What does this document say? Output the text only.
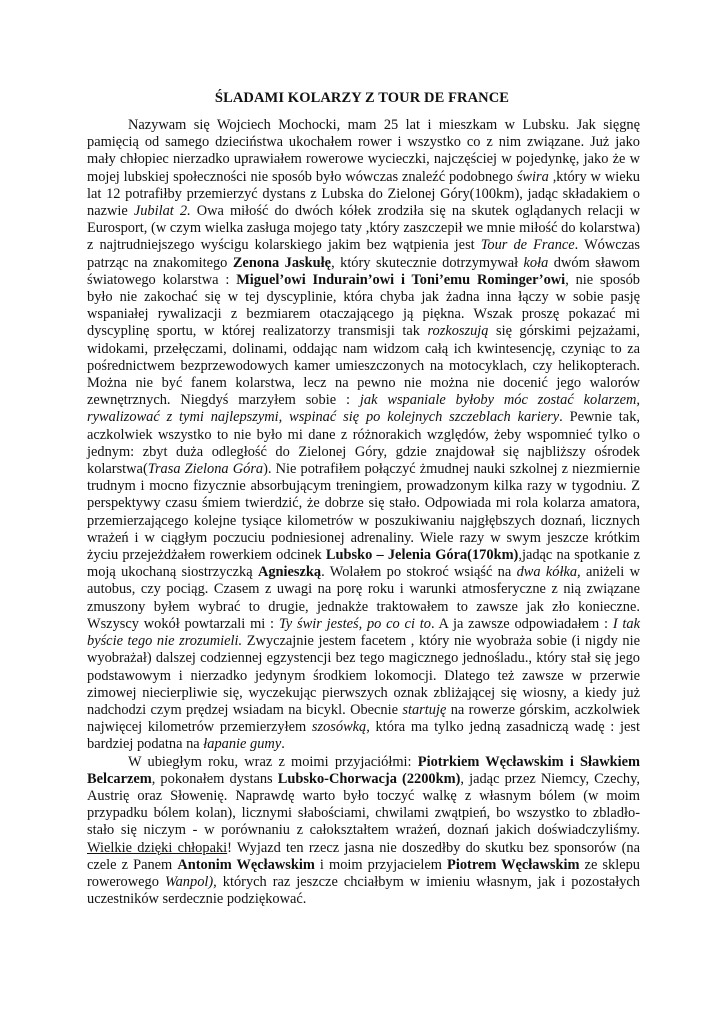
ŚLADAMI KOLARZY Z TOUR DE FRANCE

Nazywam się Wojciech Mochocki, mam 25 lat i mieszkam w Lubsku. Jak sięgnę pamięcią od samego dzieciństwa ukochałem rower i wszystko co z nim związane. Już jako mały chłopiec nierzadko uprawiałem rowerowe wycieczki, najczęściej w pojedynkę, jako że w mojej lubskiej społeczności nie sposób było wówczas znaleźć podobnego świra ,który w wieku lat 12 potrafiłby przemierzyć dystans z Lubska do Zielonej Góry(100km), jadąc składakiem o nazwie Jubilat 2. Owa miłość do dwóch kółek zrodziła się na skutek oglądanych relacji w Eurosport, (w czym wielka zasługa mojego taty ,który zaszczepił we mnie miłość do kolarstwa) z najtrudniejszego wyścigu kolarskiego jakim bez wątpienia jest Tour de France. Wówczas patrząc na znakomitego Zenona Jaskułę, który skutecznie dotrzymywał koła dwóm sławom światowego kolarstwa : Miguel’owi Indurain’owi i Toni’emu Rominger’owi, nie sposób było nie zakochać się w tej dyscyplinie, która chyba jak żadna inna łączy w sobie pasję wspaniałej rywalizacji z bezmiarem otaczającego ją piękna. Wszak proszę pokazać mi dyscyplinę sportu, w której realizatorzy transmisji tak rozkoszują się górskimi pejzażami, widokami, przełęczami, dolinami, oddając nam widzom całą ich kwintesencję, czyniąc to za pośrednictwem bezprzewodowych kamer umieszczonych na motocyklach, czy helikopterach. Można nie być fanem kolarstwa, lecz na pewno nie można nie docenić jego walorów zewnętrznych. Niegdyś marzyłem sobie : jak wspaniale byłoby móc zostać kolarzem, rywalizować z tymi najlepszymi, wspinać się po kolejnych szczeblach kariery. Pewnie tak, aczkolwiek wszystko to nie było mi dane z różnorakich względów, żeby wspomnieć tylko o jednym: zbyt duża odległość do Zielonej Góry, gdzie znajdował się najbliższy ośrodek kolarstwa(Trasa Zielona Góra). Nie potrafiłem połączyć żmudnej nauki szkolnej z niezmiernie trudnym i mocno fizycznie absorbującym treningiem, prowadzonym kilka razy w tygodniu. Z perspektywy czasu śmiem twierdzić, że dobrze się stało. Odpowiada mi rola kolarza amatora, przemierzającego kolejne tysiące kilometrów w poszukiwaniu najgłębszych doznań, licznych wrażeń i w ciągłym poczuciu podniesionej adrenaliny. Wiele razy w swym jeszcze krótkim życiu przejeżdżałem rowerkiem odcinek Lubsko – Jelenia Góra(170km),jadąc na spotkanie z moją ukochaną siostrzyczką Agnieszką. Wolałem po stokroć wsiąść na dwa kółka, aniżeli w autobus, czy pociąg. Czasem z uwagi na porę roku i warunki atmosferyczne z nią związane zmuszony byłem wybrać to drugie, jednakże traktowałem to zawsze jak zło konieczne. Wszyscy wokół powtarzali mi : Ty świr jesteś, po co ci to. A ja zawsze odpowiadałem : I tak byście tego nie zrozumieli. Zwyczajnie jestem facetem , który nie wyobraża sobie (i nigdy nie wyobrażał) dalszej codziennej egzystencji bez tego magicznego jednośladu., który stał się jego podstawowym i nierzadko jedynym środkiem lokomocji. Dlatego też zawsze w przerwie zimowej niecierpliwie się, wyczekując pierwszych oznak zbliżającej się wiosny, a kiedy już nadchodzi czym prędzej wsiadam na bicykl. Obecnie startuję na rowerze górskim, aczkolwiek najwięcej kilometrów przemierzyłem szosówką, która ma tylko jedną zasadniczą wadę : jest bardziej podatna na łapanie gumy.

W ubiegłym roku, wraz z moimi przyjaciółmi: Piotrkiem Węcławskim i Sławkiem Belcarzem, pokonałem dystans Lubsko-Chorwacja (2200km), jadąc przez Niemcy, Czechy, Austrię oraz Słowenię. Naprawdę warto było toczyć walkę z własnym bólem (w moim przypadku bólem kolan), licznymi słabościami, chwilami zwątpień, bo wszystko to zbladło-stało się niczym - w porównaniu z całokształtem wrażeń, doznań jakich doświadczyliśmy. Wielkie dzięki chłopaki! Wyjazd ten rzecz jasna nie doszedłby do skutku bez sponsorów (na czele z Panem Antonim Węcławskim i moim przyjacielem Piotrem Węcławskim ze sklepu rowerowego Wanpol), których raz jeszcze chciałbym w imieniu własnym, jak i pozostałych uczestników serdecznie podziękować.
